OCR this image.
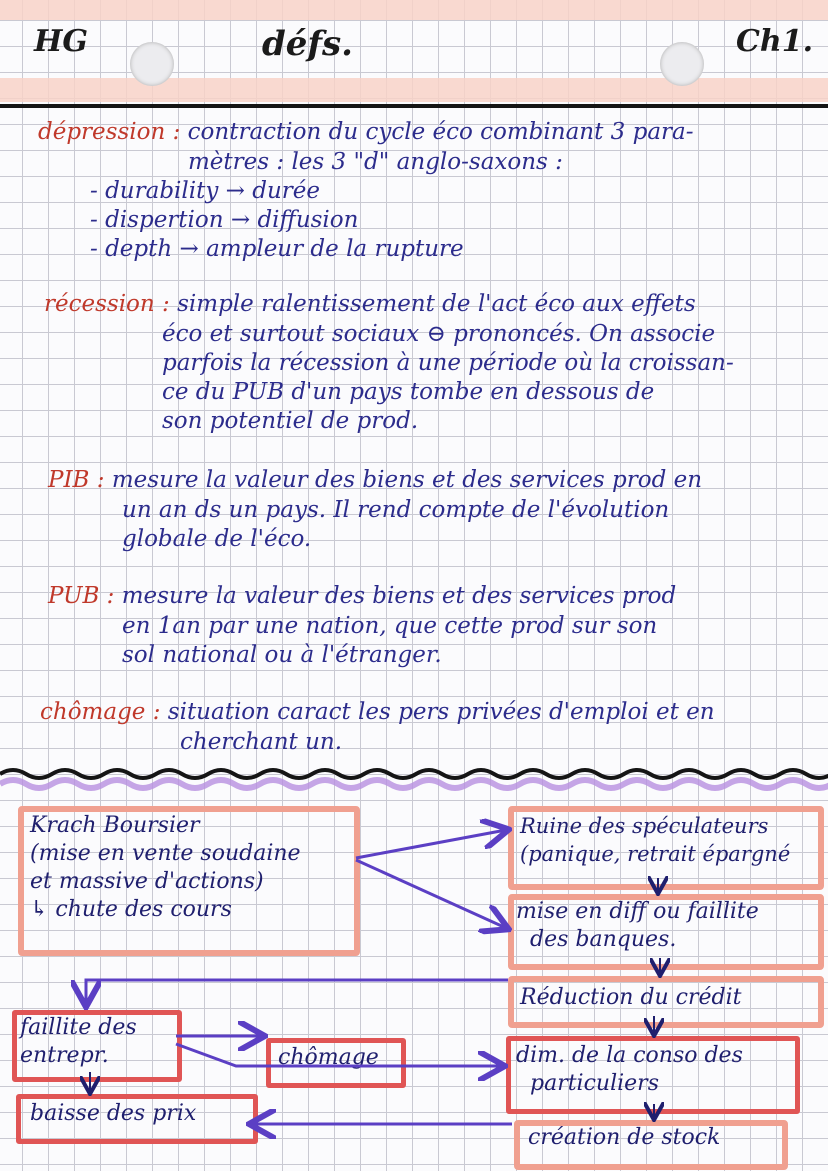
HG	défs.	Ch1.

dépression : contraction du cycle éco combinant 3 para-

mètres : les 3 "d" anglo-saxons :

- durability → durée

- dispertion → diffusion

- depth → ampleur de la rupture

récession : simple ralentissement de l'act éco aux effets

éco et surtout sociaux ⊖ prononcés. On associe

parfois la récession à une période où la croissan-

ce du PUB d'un pays tombe en dessous de

son potentiel de prod.

PIB : mesure la valeur des biens et des services prod en

un an ds un pays. Il rend compte de l'évolution

globale de l'éco.

PUB : mesure la valeur des biens et des services prod

en 1an par une nation, que cette prod sur son

sol national ou à l'étranger.

chômage : situation caract les pers privées d'emploi et en

cherchant un.

Krach Boursier
(mise en vente soudaine
et massive d'actions)
↳ chute des cours
Ruine des spéculateurs
(panique, retrait épargné
mise en diff ou faillite
des banques.
Réduction du crédit
faillite des
entrepr.	chômage	dim. de la conso des
particuliers
baisse des prix
création de stock
